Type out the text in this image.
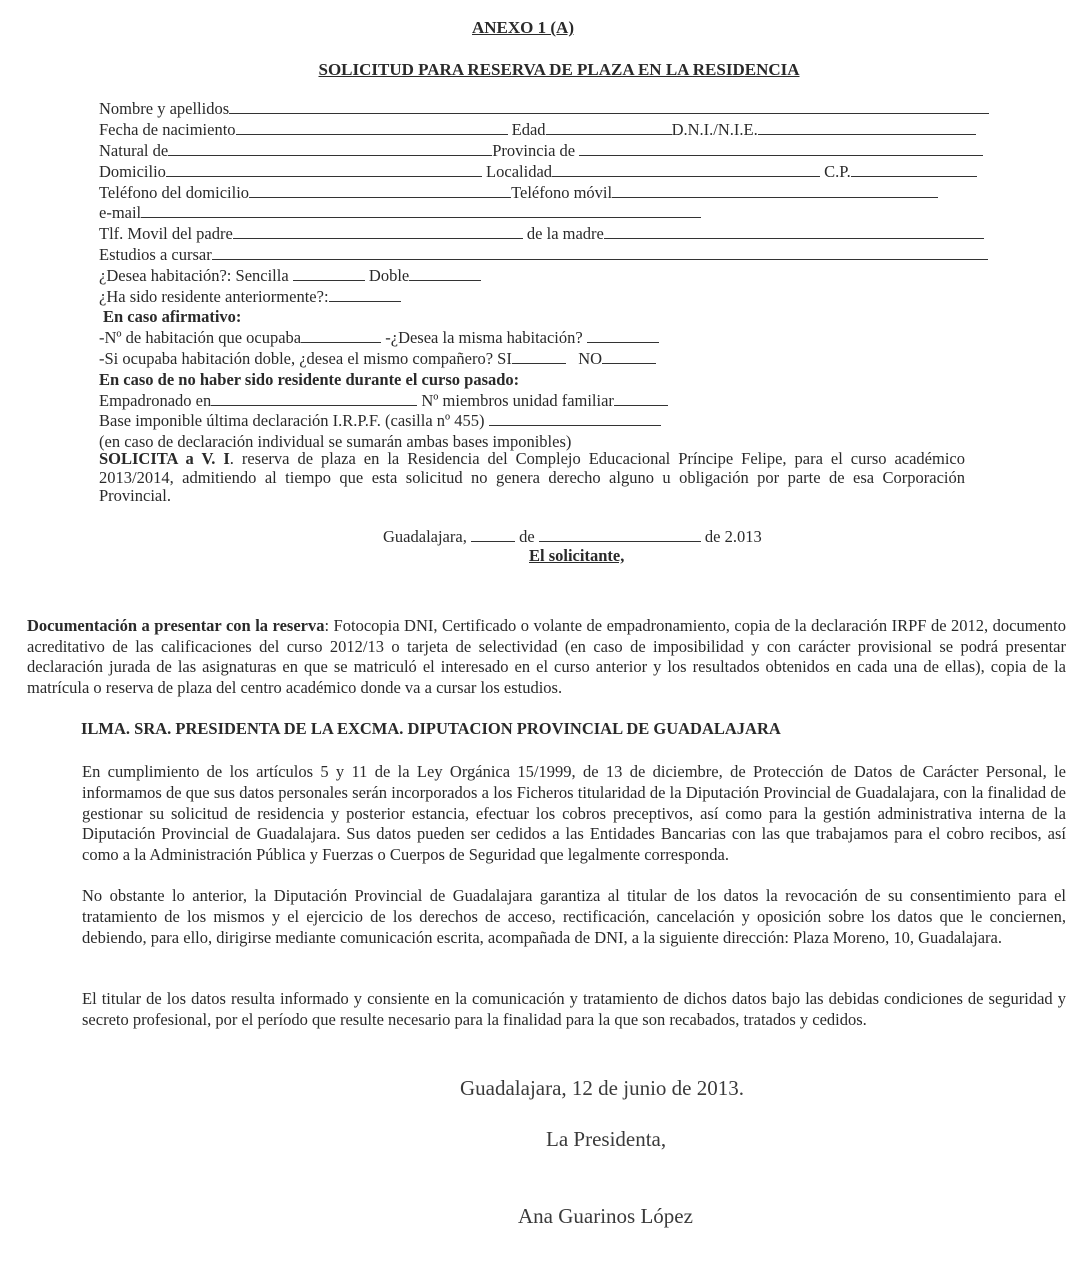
ANEXO 1 (A)
SOLICITUD PARA RESERVA DE PLAZA EN LA RESIDENCIA
Nombre y apellidos
Fecha de nacimiento	Edad	D.N.I./N.I.E.
Natural de	Provincia de
Domicilio	Localidad	C.P.
Teléfono del domicilio	Teléfono móvil
e-mail
Tlf. Movil del padre	de la madre
Estudios a cursar
¿Desea habitación?: Sencilla	Doble
¿Ha sido residente anteriormente?:
En caso afirmativo:
-Nº de habitación que ocupaba	-¿Desea la misma habitación?
-Si ocupaba habitación doble, ¿desea el mismo compañero? SI	NO
En caso de no haber sido residente durante el curso pasado:
Empadronado en	Nº miembros unidad familiar
Base imponible última declaración I.R.P.F. (casilla nº 455)
(en caso de declaración individual se sumarán ambas bases imponibles)
SOLICITA a V. I. reserva de plaza en la Residencia del Complejo Educacional Príncipe Felipe, para el curso académico 2013/2014, admitiendo al tiempo que esta solicitud no genera derecho alguno u obligación por parte de esa Corporación Provincial.
Guadalajara,	de	de 2.013
El solicitante,
Documentación a presentar con la reserva: Fotocopia DNI, Certificado o volante de empadronamiento, copia de la declaración IRPF de 2012, documento acreditativo de las calificaciones del curso 2012/13 o tarjeta de selectividad (en caso de imposibilidad y con carácter provisional se podrá presentar declaración jurada de las asignaturas en que se matriculó el interesado en el curso anterior y los resultados obtenidos en cada una de ellas), copia de la matrícula o reserva de plaza del centro académico donde va a cursar los estudios.
ILMA. SRA. PRESIDENTA DE LA EXCMA. DIPUTACION PROVINCIAL DE GUADALAJARA
En cumplimiento de los artículos 5 y 11 de la Ley Orgánica 15/1999, de 13 de diciembre, de Protección de Datos de Carácter Personal, le informamos de que sus datos personales serán incorporados a los Ficheros titularidad de la Diputación Provincial de Guadalajara, con la finalidad de gestionar su solicitud de residencia y posterior estancia, efectuar los cobros preceptivos, así como para la gestión administrativa interna de la Diputación Provincial de Guadalajara. Sus datos pueden ser cedidos a las Entidades Bancarias con las que trabajamos para el cobro recibos, así como a la Administración Pública y Fuerzas o Cuerpos de Seguridad que legalmente corresponda.
No obstante lo anterior, la Diputación Provincial de Guadalajara garantiza al titular de los datos la revocación de su consentimiento para el tratamiento de los mismos y el ejercicio de los derechos de acceso, rectificación, cancelación y oposición sobre los datos que le conciernen, debiendo, para ello, dirigirse mediante comunicación escrita, acompañada de DNI, a la siguiente dirección: Plaza Moreno, 10, Guadalajara.
El titular de los datos resulta informado y consiente en la comunicación y tratamiento de dichos datos bajo las debidas condiciones de seguridad y secreto profesional, por el período que resulte necesario para la finalidad para la que son recabados, tratados y cedidos.
Guadalajara, 12 de junio de 2013.
La Presidenta,
Ana Guarinos López
